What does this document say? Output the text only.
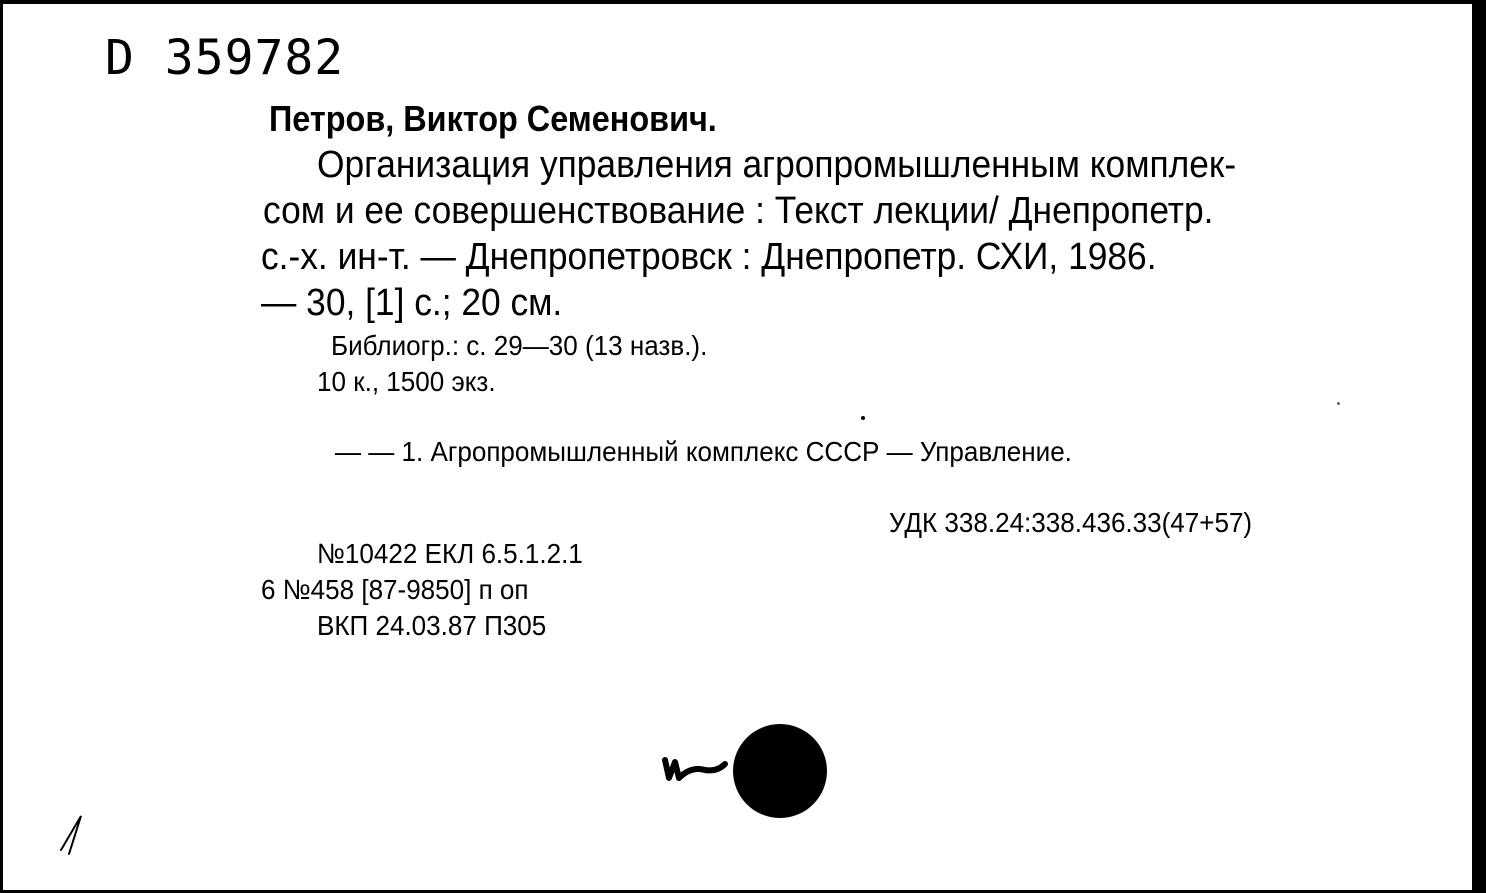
D 359782
Петров, Виктор Семенович.
Организация управления агропромышленным комплек-
сом и ее совершенствование : Текст лекции/ Днепропетр.
с.-х. ин-т. — Днепропетровск : Днепропетр. СХИ, 1986.
— 30, [1] с.; 20 см.
Библиогр.: с. 29—30 (13 назв.).
10 к., 1500 экз.
— — 1. Агропромышленный комплекс СССР — Управление.
УДК 338.24:338.436.33(47+57)
№10422 ЕКЛ 6.5.1.2.1
6 №458 [87-9850] п оп
ВКП 24.03.87 П305
